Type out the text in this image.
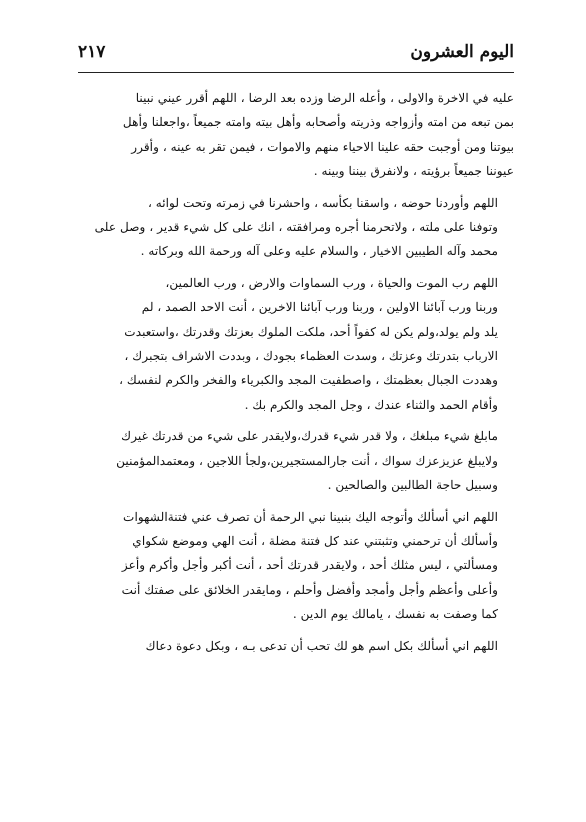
اليوم العشرون
٢١٧

عليه في الاخرة والاولى ، وأعله الرضا وزده بعد الرضا ، اللهم أقرر عيني نبينا
بمن تبعه من امته وأزواجه وذريته وأصحابه وأهل بيته وامته جميعاً ،واجعلنا وأهل
بيوتنا ومن أوجبت حقه علينا الاحياء منهم والاموات ، فيمن تقر به عينه ، وأقرر
عيوننا جميعاً برؤيته ، ولانفرق بيننا وبينه .

اللهم وأوردنا حوضه ، واسقنا بكأسه ، واحشرنا في زمرته وتحت لوائه ،
وتوفنا على ملته ، ولاتحرمنا أجره ومرافقته ، انك على كل شيء قدير ، وصل على
محمد وآله الطيبين الاخيار ، والسلام عليه وعلى آله ورحمة الله وبركاته .

اللهم رب الموت والحياة ، ورب السماوات والارض ، ورب العالمين،
وربنا ورب آبائنا الاولين ، وربنا ورب آبائنا الاخرين ، أنت الاحد الصمد ، لم
يلد ولم يولد،ولم يكن له كفواً أحد، ملكت الملوك بعزتك وقدرتك ،واستعبدت
الارباب بتدرتك وعزتك ، وسدت العظماء بجودك ، وبددت الاشراف بتجبرك ،
وهددت الجبال بعظمتك ، واصطفيت المجد والكبرياء والفخر والكرم لنفسك ،
وأقام الحمد والثناء عندك ، وجل المجد والكرم بك .

مابلغ شيء مبلغك ، ولا قدر شيء قدرك،ولايقدر على شيء من قدرتك غيرك
ولايبلغ عزيزعزك سواك ، أنت جارالمستجيرين،ولجأ اللاجين ، ومعتمدالمؤمنين
وسبيل حاجة الطالبين والصالحين .

اللهم اني أسألك وأتوجه اليك بنبينا نبي الرحمة أن تصرف عني فتنةالشهوات
وأسألك أن ترحمني وتثبتني عند كل فتنة مضلة ، أنت الهي وموضع شكواي
ومسألتي ، ليس مثلك أحد ، ولايقدر قدرتك أحد ، أنت أكبر وأجل وأكرم وأعز
وأعلى وأعظم وأجل وأمجد وأفضل وأحلم ، ومايقدر الخلائق على صفتك أنت
كما وصفت به نفسك ، يامالك يوم الدين .

اللهم اني أسألك بكل اسم هو لك تحب أن تدعى بـه ، وبكل دعوة دعاك
